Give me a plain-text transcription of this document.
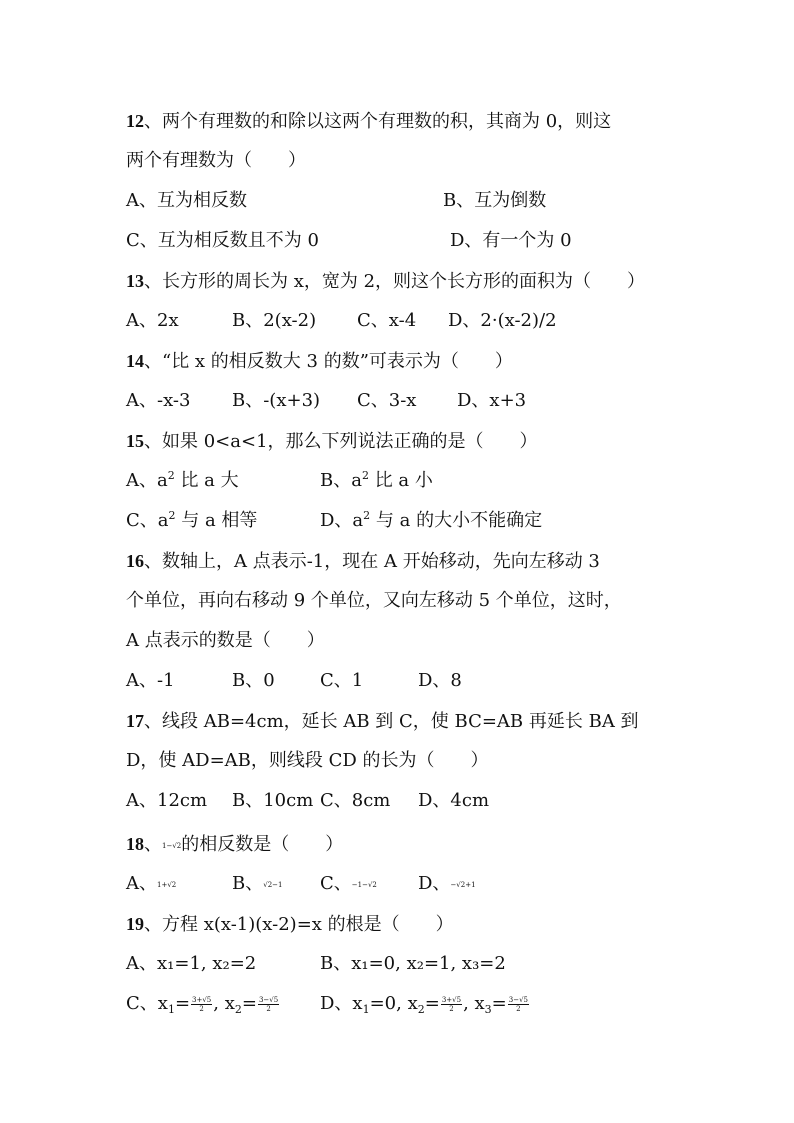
12、两个有理数的和除以这两个有理数的积，其商为 0，则这
两个有理数为（　　）
A、互为相反数	B、互为倒数
C、互为相反数且不为 0	D、有一个为 0
13、长方形的周长为 x，宽为 2，则这个长方形的面积为（　　）
A、2x	B、2(x-2) C、x-4 D、2·(x-2)/2
14、“比 x 的相反数大 3 的数”可表示为（　　）
A、-x-3 B、-(x+3) C、3-x D、x+3
15、如果 0<a<1，那么下列说法正确的是（　　）
A、$a^2$ 比 a 大	B、$a^2$ 比 a 小
C、$a^2$ 与 a 相等	D、$a^2$ 与 a 的大小不能确定
16、数轴上，A 点表示-1，现在 A 开始移动，先向左移动 3
个单位，再向右移动 9 个单位，又向左移动 5 个单位，这时，
A 点表示的数是（　　）
A、-1	B、0	C、1	D、8
17、线段 AB=4cm，延长 AB 到 C，使 BC=AB 再延长 BA 到
D，使 AD=AB，则线段 CD 的长为（　　）
A、12cm B、10cm C、8cm D、4cm
18、1−√2的相反数是（　　）
A、1+√2	B、√2−1 C、−1−√2 D、−√2+1
19、方程 x(x-1)(x-2)=x 的根是（　　）
A、x₁=1, x₂=2	B、x₁=0, x₂=1, x₃=2
C、$x_1= \frac{3+√5}{2}$ , $x_2= \frac{3-√5}{2}$ D、$x_1=0$, $x_2= \frac{3+√5}{2}$ , $x_3= \frac{3-√5}{2}$
